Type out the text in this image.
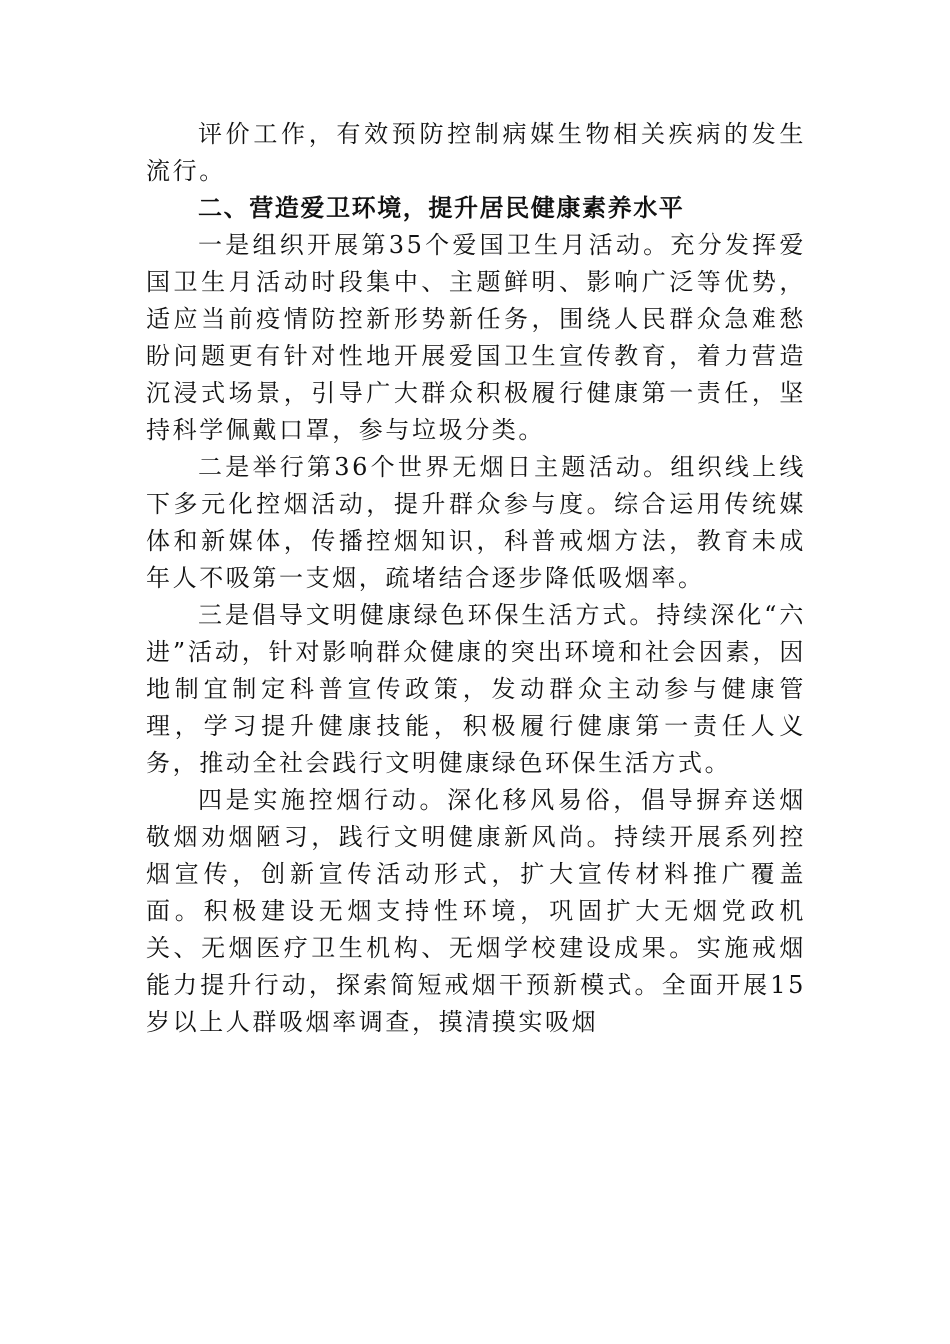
评价工作，有效预防控制病媒生物相关疾病的发生流行。

二、营造爱卫环境，提升居民健康素养水平

一是组织开展第35个爱国卫生月活动。充分发挥爱国卫生月活动时段集中、主题鲜明、影响广泛等优势，适应当前疫情防控新形势新任务，围绕人民群众急难愁盼问题更有针对性地开展爱国卫生宣传教育，着力营造沉浸式场景，引导广大群众积极履行健康第一责任，坚持科学佩戴口罩，参与垃圾分类。

二是举行第36个世界无烟日主题活动。组织线上线下多元化控烟活动，提升群众参与度。综合运用传统媒体和新媒体，传播控烟知识，科普戒烟方法，教育未成年人不吸第一支烟，疏堵结合逐步降低吸烟率。

三是倡导文明健康绿色环保生活方式。持续深化“六进”活动，针对影响群众健康的突出环境和社会因素，因地制宜制定科普宣传政策，发动群众主动参与健康管理，学习提升健康技能，积极履行健康第一责任人义务，推动全社会践行文明健康绿色环保生活方式。

四是实施控烟行动。深化移风易俗，倡导摒弃送烟敬烟劝烟陋习，践行文明健康新风尚。持续开展系列控烟宣传，创新宣传活动形式，扩大宣传材料推广覆盖面。积极建设无烟支持性环境，巩固扩大无烟党政机关、无烟医疗卫生机构、无烟学校建设成果。实施戒烟能力提升行动，探索简短戒烟干预新模式。全面开展15岁以上人群吸烟率调查，摸清摸实吸烟
